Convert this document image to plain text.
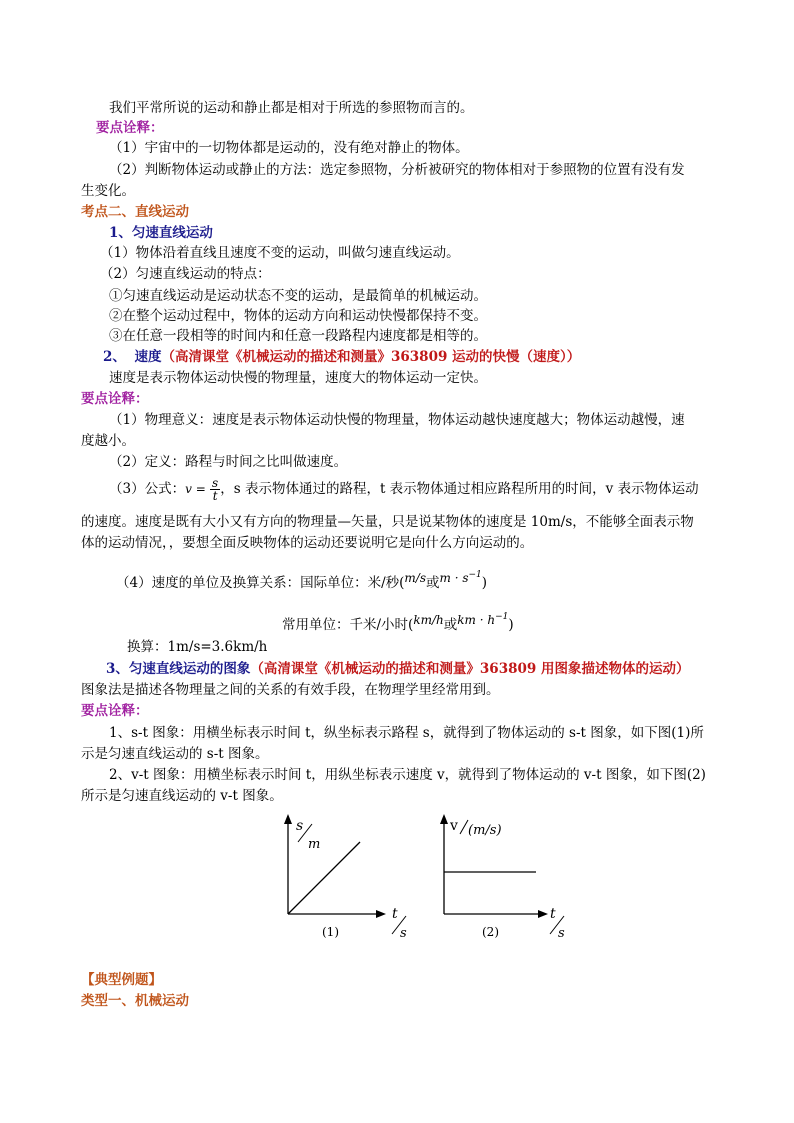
我们平常所说的运动和静止都是相对于所选的参照物而言的。
要点诠释：
（1）宇宙中的一切物体都是运动的，没有绝对静止的物体。
（2）判断物体运动或静止的方法：选定参照物，分析被研究的物体相对于参照物的位置有没有发
生变化。
考点二、直线运动
1、匀速直线运动
（1）物体沿着直线且速度不变的运动，叫做匀速直线运动。
（2）匀速直线运动的特点：
①匀速直线运动是运动状态不变的运动，是最简单的机械运动。
②在整个运动过程中，物体的运动方向和运动快慢都保持不变。
③在任意一段相等的时间内和任意一段路程内速度都是相等的。
2、 速度（高清课堂《机械运动的描述和测量》363809 运动的快慢（速度））
速度是表示物体运动快慢的物理量，速度大的物体运动一定快。
要点诠释：
（1）物理意义：速度是表示物体运动快慢的物理量，物体运动越快速度越大；物体运动越慢，速
度越小。
（2）定义：路程与时间之比叫做速度。
（3）公式：$v = \frac{s}{t}$ ，s 表示物体通过的路程，t 表示物体通过相应路程所用的时间，v 表示物体运动
的速度。速度是既有大小又有方向的物理量—矢量，只是说某物体的速度是 10m/s，不能够全面表示物
体的运动情况，，要想全面反映物体的运动还要说明它是向什么方向运动的。
（4）速度的单位及换算关系：国际单位：米/秒(m/s或$m \cdot s^{-1}$)
常用单位：千米/小时(km/h或km · $h^{-1}$)
换算：1m/s=3.6km/h
3、匀速直线运动的图象（高清课堂《机械运动的描述和测量》363809 用图象描述物体的运动）
图象法是描述各物理量之间的关系的有效手段，在物理学里经常用到。
要点诠释：
1、s-t 图象：用横坐标表示时间 t，纵坐标表示路程 s，就得到了物体运动的 s-t 图象，如下图(1)所
示是匀速直线运动的 s-t 图象。
2、v-t 图象：用横坐标表示时间 t，用纵坐标表示速度 v，就得到了物体运动的 v-t 图象，如下图(2)
所示是匀速直线运动的 v-t 图象。
s
m
t
s
(1)
v (m/s)
t
s
(2)
【典型例题】
类型一、机械运动
